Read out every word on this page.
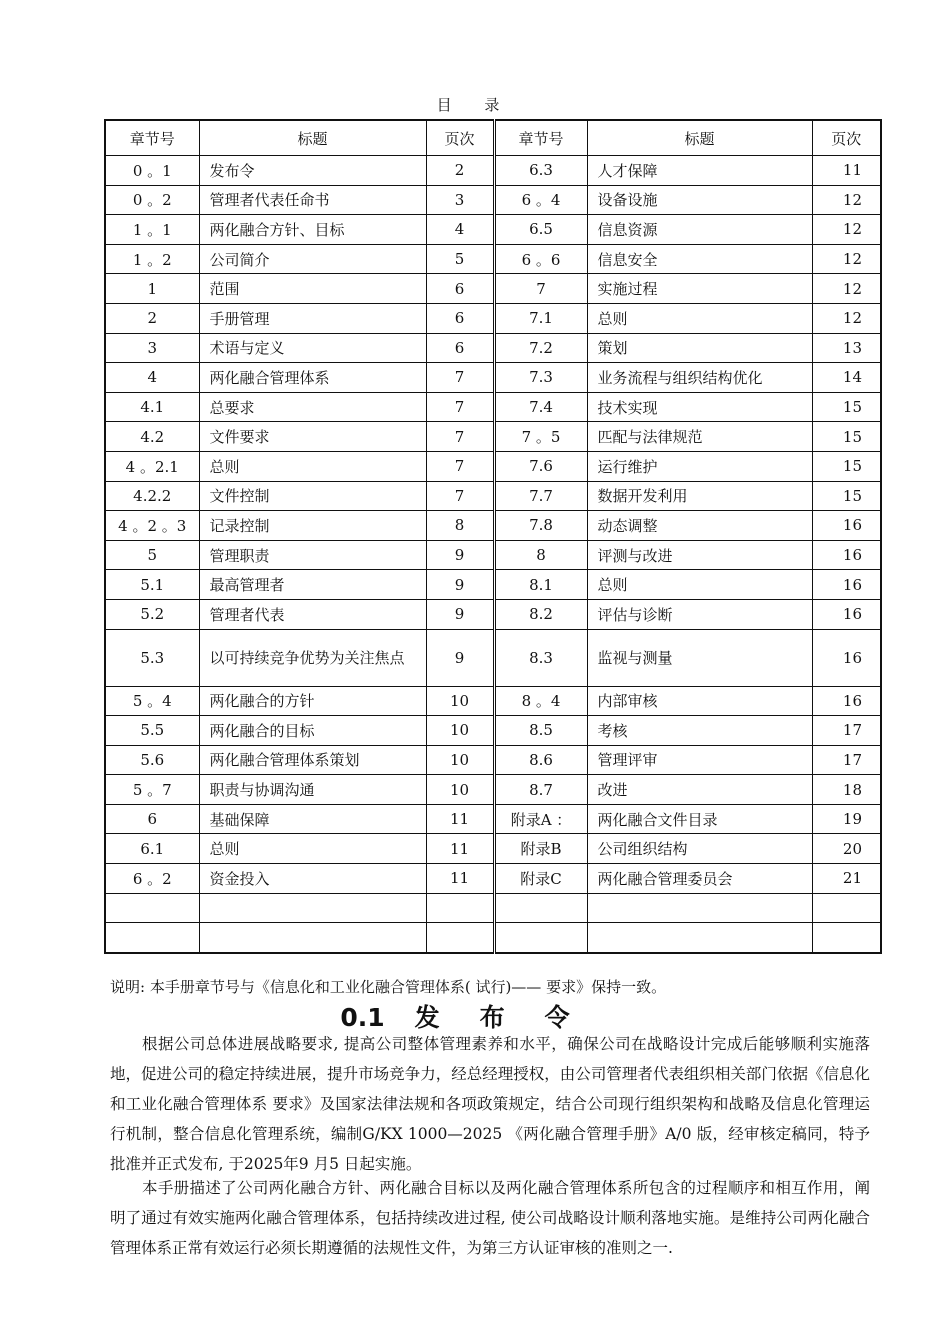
目 录
章节号	标题	页次	章节号	标题	页次
0 。1	发布令	2	6.3	人才保障	11
0 。2	管理者代表任命书	3	6 。4	设备设施	12
1 。1	两化融合方针、目标	4	6.5	信息资源	12
1 。2	公司简介	5	6 。6	信息安全	12
1	范围	6	7	实施过程	12
2	手册管理	6	7.1	总则	12
3	术语与定义	6	7.2	策划	13
4	两化融合管理体系	7	7.3	业务流程与组织结构优化	14
4.1	总要求	7	7.4	技术实现	15
4.2	文件要求	7	7 。5	匹配与法律规范	15
4 。2.1	总则	7	7.6	运行维护	15
4.2.2	文件控制	7	7.7	数据开发利用	15
4 。2 。3	记录控制	8	7.8	动态调整	16
5	管理职责	9	8	评测与改进	16
5.1	最高管理者	9	8.1	总则	16
5.2	管理者代表	9	8.2	评估与诊断	16
5.3	以可持续竞争优势为关注焦点	9	8.3	监视与测量	16
5 。4	两化融合的方针	10	8 。4	内部审核	16
5.5	两化融合的目标	10	8.5	考核	17
5.6	两化融合管理体系策划	10	8.6	管理评审	17
5 。7	职责与协调沟通	10	8.7	改进	18
6	基础保障	11	附录A ：	两化融合文件目录	19
6.1	总则	11	附录B	公司组织结构	20
6 。2	资金投入	11	附录C	两化融合管理委员会	21

说明: 本手册章节号与《信息化和工业化融合管理体系( 试行)—— 要求》保持一致。
0.1 发布令

根据公司总体进展战略要求, 提高公司整体管理素养和水平，确保公司在战略设计完成后能够顺利实施落地，促进公司的稳定持续进展，提升市场竞争力，经总经理授权，由公司管理者代表组织相关部门依据《信息化和工业化融合管理体系 要求》及国家法律法规和各项政策规定，结合公司现行组织架构和战略及信息化管理运行机制，整合信息化管理系统，编制G/KX 1000—2025 《两化融合管理手册》A/0 版，经审核定稿同，特予批准并正式发布, 于2025年9 月5 日起实施。

本手册描述了公司两化融合方针、两化融合目标以及两化融合管理体系所包含的过程顺序和相互作用，阐明了通过有效实施两化融合管理体系，包括持续改进过程, 使公司战略设计顺利落地实施。是维持公司两化融合管理体系正常有效运行必须长期遵循的法规性文件，为第三方认证审核的准则之一.
